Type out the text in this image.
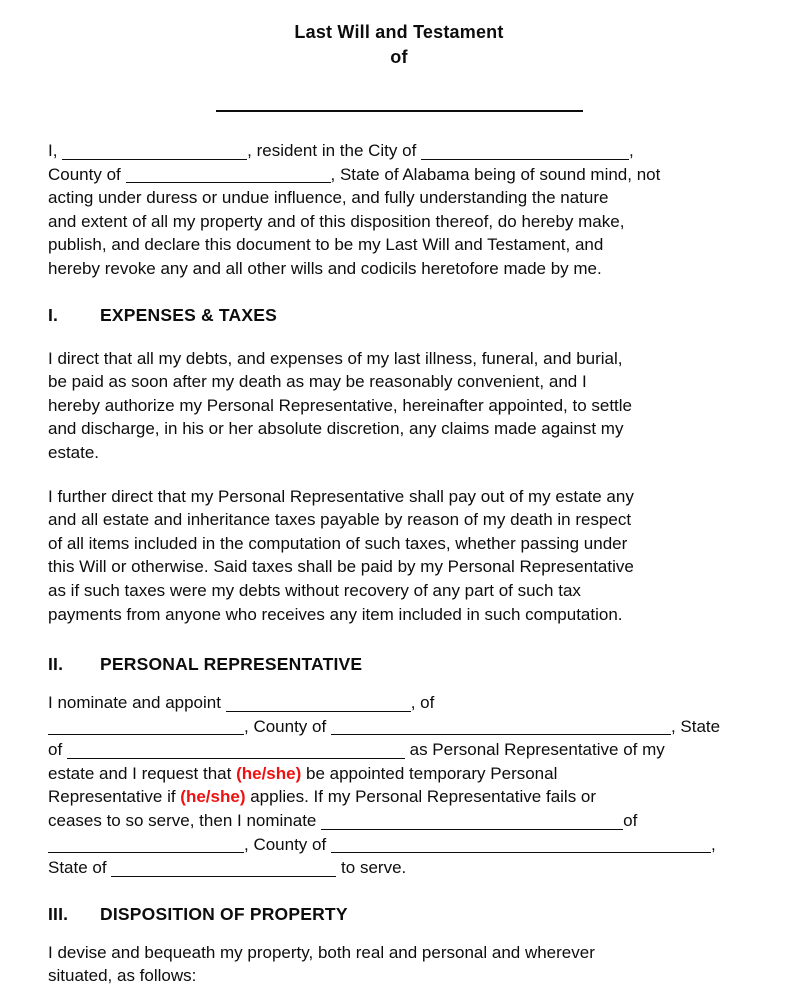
Last Will and Testament
of
I,	, resident in the City of	,
County of	, State of Alabama being of sound mind, not
acting under duress or undue influence, and fully understanding the nature
and extent of all my property and of this disposition thereof, do hereby make,
publish, and declare this document to be my Last Will and Testament, and
hereby revoke any and all other wills and codicils heretofore made by me.
I. EXPENSES & TAXES
I direct that all my debts, and expenses of my last illness, funeral, and burial,
be paid as soon after my death as may be reasonably convenient, and I
hereby authorize my Personal Representative, hereinafter appointed, to settle
and discharge, in his or her absolute discretion, any claims made against my
estate.
I further direct that my Personal Representative shall pay out of my estate any
and all estate and inheritance taxes payable by reason of my death in respect
of all items included in the computation of such taxes, whether passing under
this Will or otherwise. Said taxes shall be paid by my Personal Representative
as if such taxes were my debts without recovery of any part of such tax
payments from anyone who receives any item included in such computation.
II. PERSONAL REPRESENTATIVE
I nominate and appoint	, of
, County of	, State
of	as Personal Representative of my
estate and I request that (he/she) be appointed temporary Personal
Representative if (he/she) applies. If my Personal Representative fails or
ceases to so serve, then I nominate	of
, County of	,
State of	to serve.
III. DISPOSITION OF PROPERTY
I devise and bequeath my property, both real and personal and wherever
situated, as follows:
